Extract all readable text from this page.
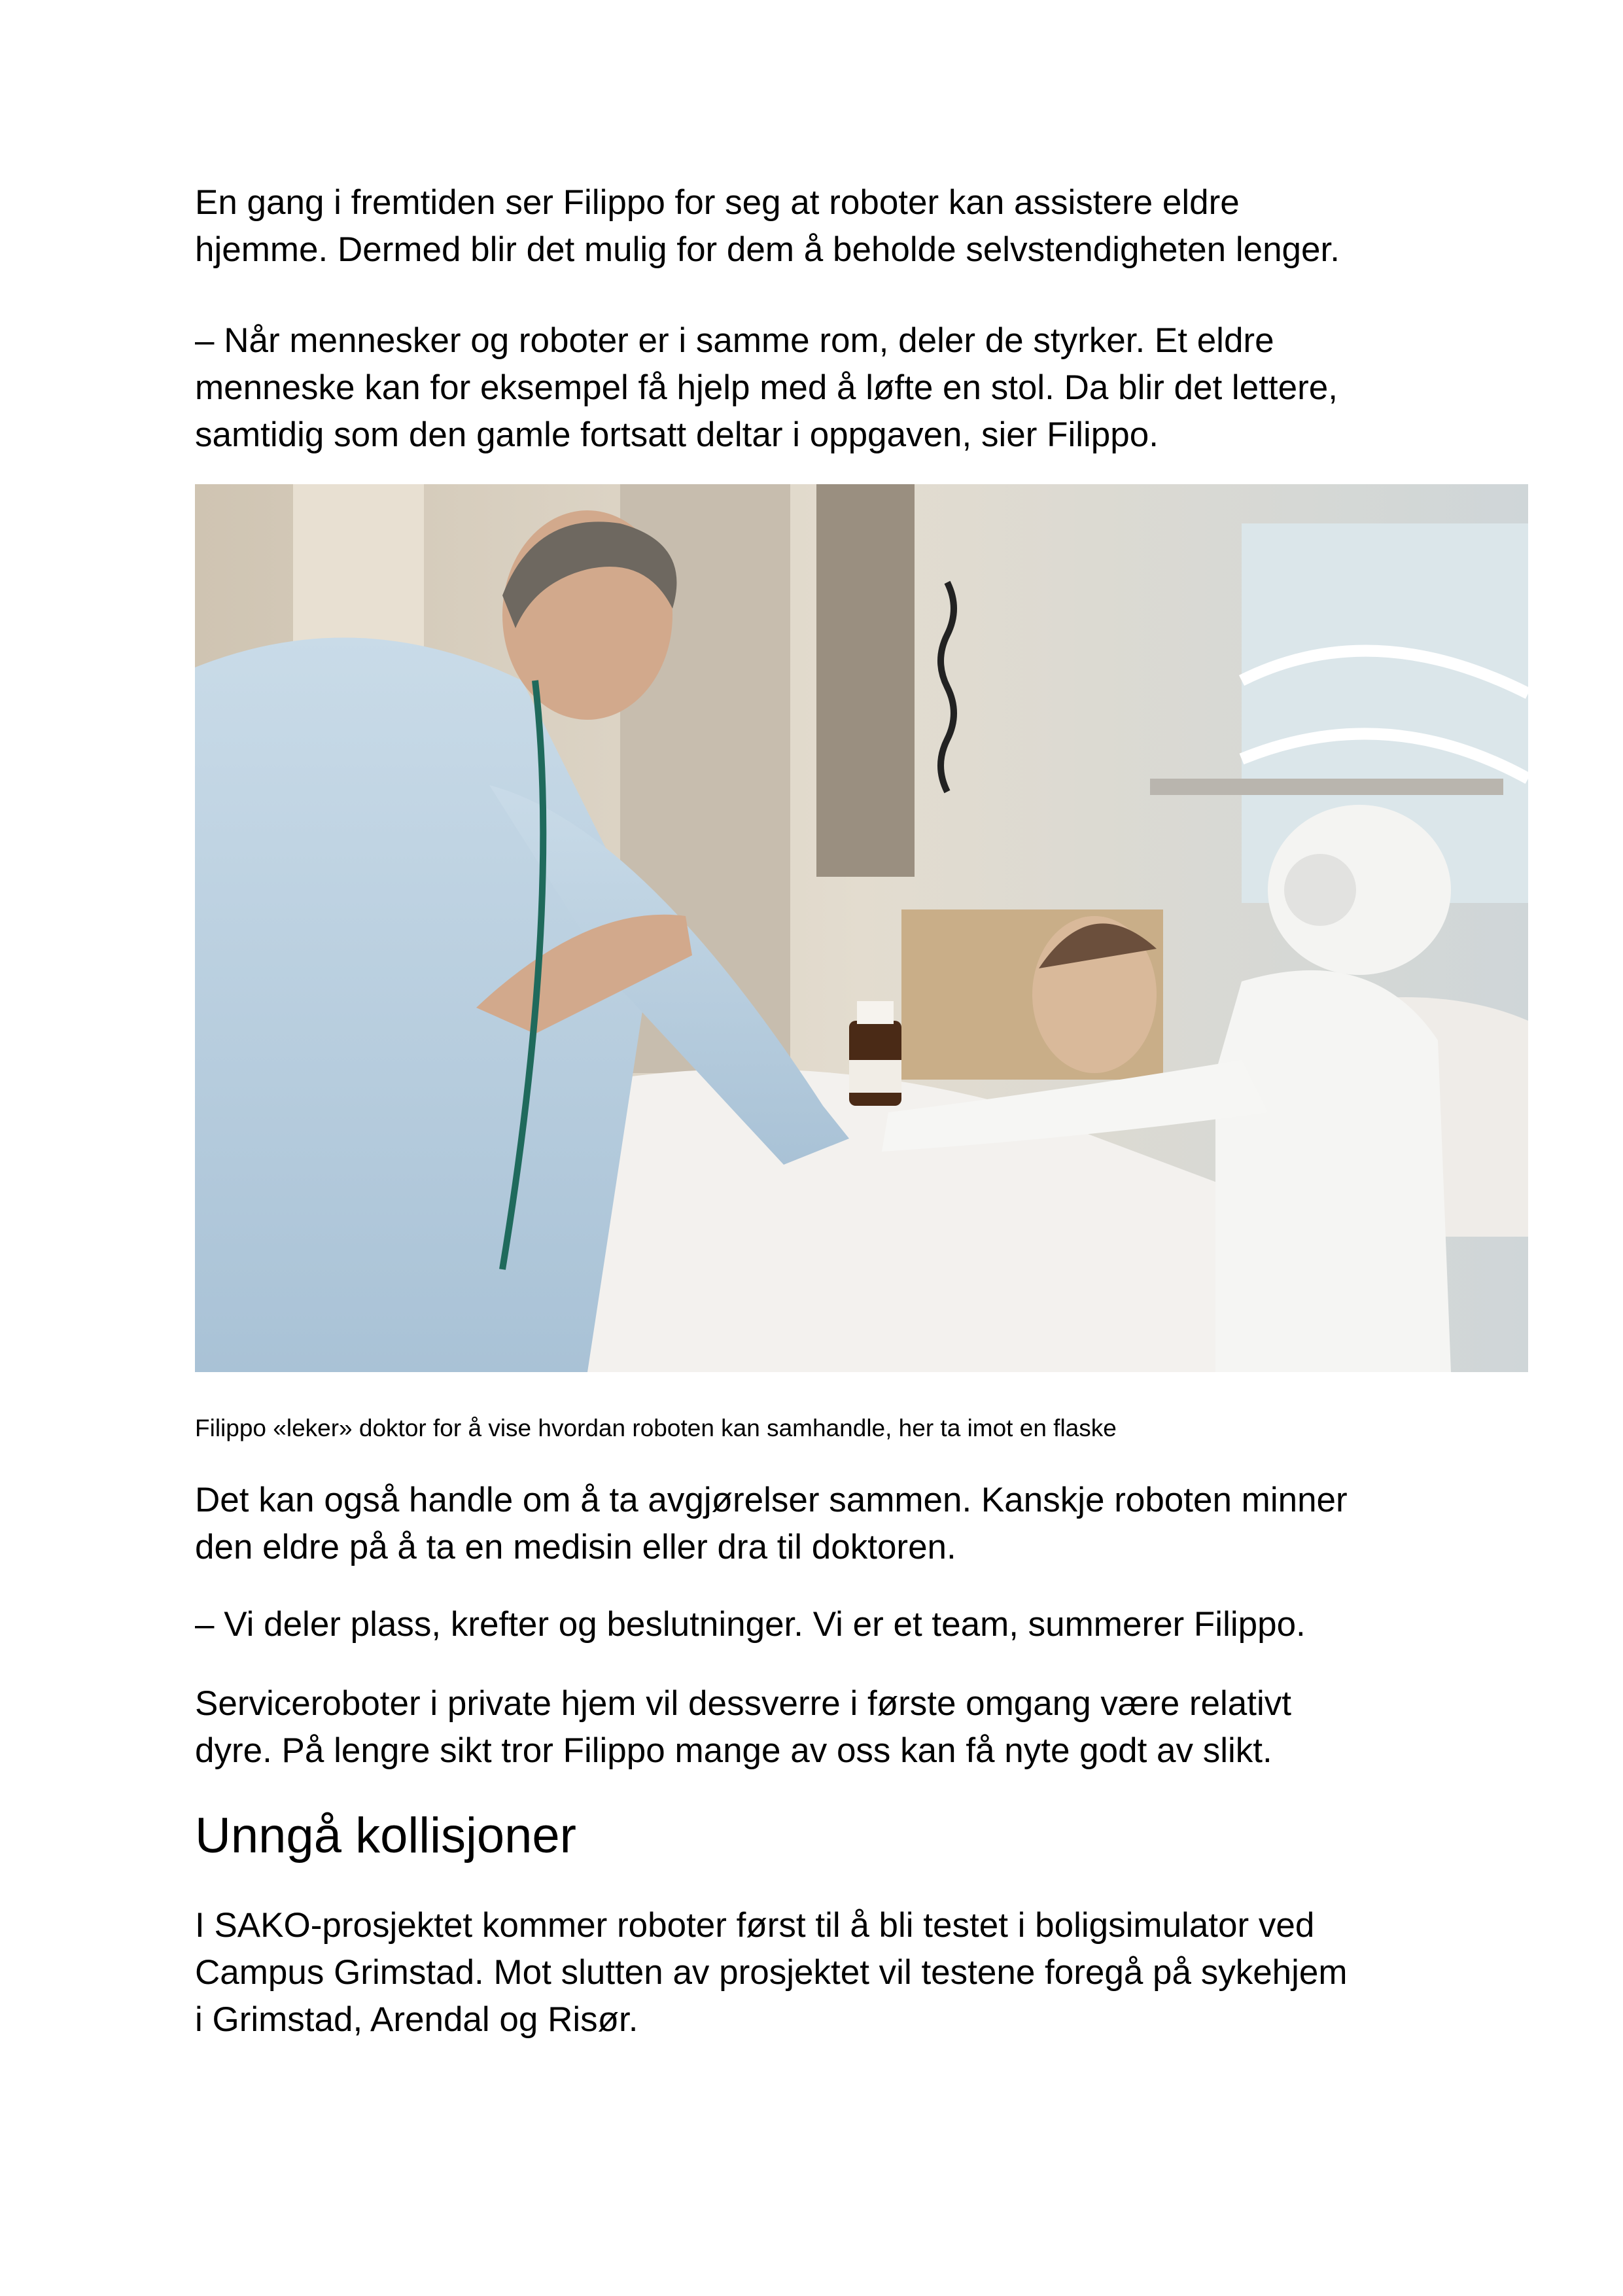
En gang i fremtiden ser Filippo for seg at roboter kan assistere eldre
hjemme. Dermed blir det mulig for dem å beholde selvstendigheten lenger.
– Når mennesker og roboter er i samme rom, deler de styrker. Et eldre
menneske kan for eksempel få hjelp med å løfte en stol. Da blir det lettere,
samtidig som den gamle fortsatt deltar i oppgaven, sier Filippo.
Filippo «leker» doktor for å vise hvordan roboten kan samhandle, her ta imot en flaske
Det kan også handle om å ta avgjørelser sammen. Kanskje roboten minner
den eldre på å ta en medisin eller dra til doktoren.
– Vi deler plass, krefter og beslutninger. Vi er et team, summerer Filippo.
Serviceroboter i private hjem vil dessverre i første omgang være relativt
dyre. På lengre sikt tror Filippo mange av oss kan få nyte godt av slikt.
Unngå kollisjoner
I SAKO-prosjektet kommer roboter først til å bli testet i boligsimulator ved
Campus Grimstad. Mot slutten av prosjektet vil testene foregå på sykehjem
i Grimstad, Arendal og Risør.
